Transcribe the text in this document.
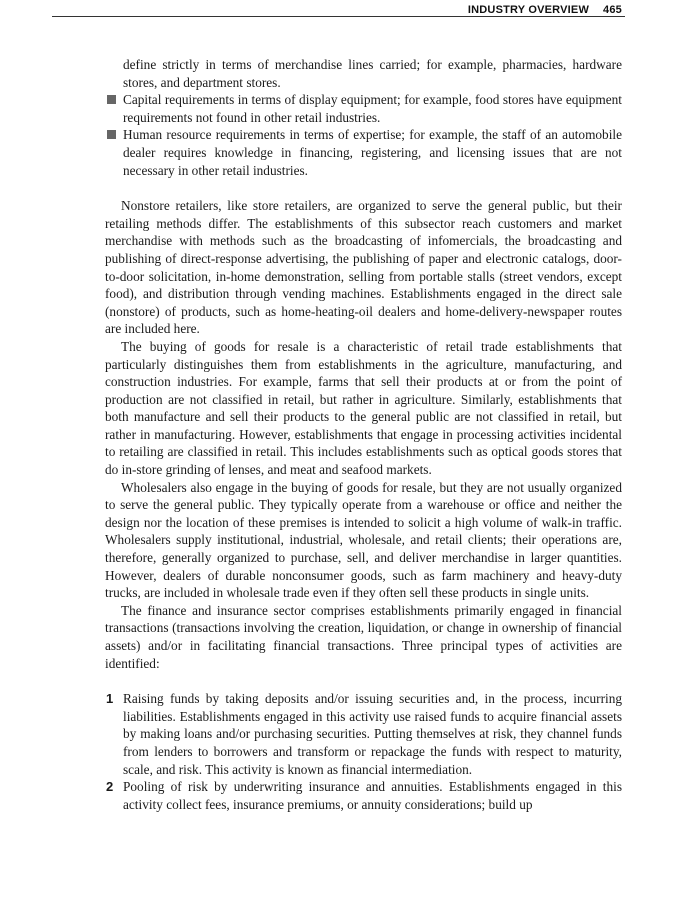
INDUSTRY OVERVIEW 465

define strictly in terms of merchandise lines carried; for example, pharmacies, hardware stores, and department stores.

Capital requirements in terms of display equipment; for example, food stores have equipment requirements not found in other retail industries.
Human resource requirements in terms of expertise; for example, the staff of an automobile dealer requires knowledge in financing, registering, and licensing issues that are not necessary in other retail industries.

Nonstore retailers, like store retailers, are organized to serve the general public, but their retailing methods differ. The establishments of this subsector reach customers and market merchandise with methods such as the broadcasting of infomercials, the broadcasting and publishing of direct-response advertising, the publishing of paper and electronic catalogs, door-to-door solicitation, in-home demonstration, selling from portable stalls (street vendors, except food), and distribution through vending machines. Establishments engaged in the direct sale (nonstore) of products, such as home-heating-oil dealers and home-delivery-newspaper routes are included here.

The buying of goods for resale is a characteristic of retail trade establishments that particularly distinguishes them from establishments in the agriculture, manufacturing, and construction industries. For example, farms that sell their products at or from the point of production are not classified in retail, but rather in agriculture. Similarly, establishments that both manufacture and sell their products to the general public are not classified in retail, but rather in manufacturing. However, establishments that engage in processing activities incidental to retailing are classified in retail. This includes establishments such as optical goods stores that do in-store grinding of lenses, and meat and seafood markets.

Wholesalers also engage in the buying of goods for resale, but they are not usually organized to serve the general public. They typically operate from a warehouse or office and neither the design nor the location of these premises is intended to solicit a high volume of walk-in traffic. Wholesalers supply institutional, industrial, wholesale, and retail clients; their operations are, therefore, generally organized to purchase, sell, and deliver merchandise in larger quantities. However, dealers of durable nonconsumer goods, such as farm machinery and heavy-duty trucks, are included in wholesale trade even if they often sell these products in single units.

The finance and insurance sector comprises establishments primarily engaged in financial transactions (transactions involving the creation, liquidation, or change in ownership of financial assets) and/or in facilitating financial transactions. Three principal types of activities are identified:

1 Raising funds by taking deposits and/or issuing securities and, in the process, incurring liabilities. Establishments engaged in this activity use raised funds to acquire financial assets by making loans and/or purchasing securities. Putting themselves at risk, they channel funds from lenders to borrowers and transform or repackage the funds with respect to maturity, scale, and risk. This activity is known as financial intermediation.
2 Pooling of risk by underwriting insurance and annuities. Establishments engaged in this activity collect fees, insurance premiums, or annuity considerations; build up
